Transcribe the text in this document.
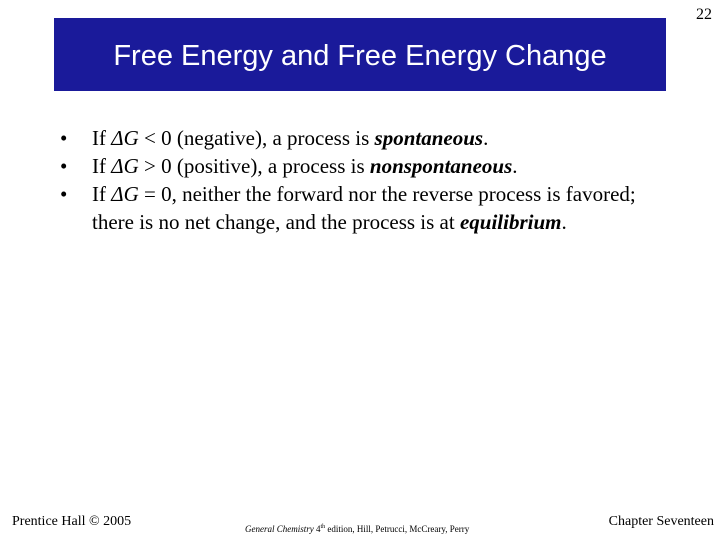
22
Free Energy and Free Energy Change
•	If ΔG < 0 (negative), a process is spontaneous.
•	If ΔG > 0 (positive), a process is nonspontaneous.
•	If ΔG = 0, neither the forward nor the reverse process is favored; there is no net change, and the process is at equilibrium.
Prentice Hall © 2005	General Chemistry 4th edition, Hill, Petrucci, McCreary, Perry	Chapter Seventeen
